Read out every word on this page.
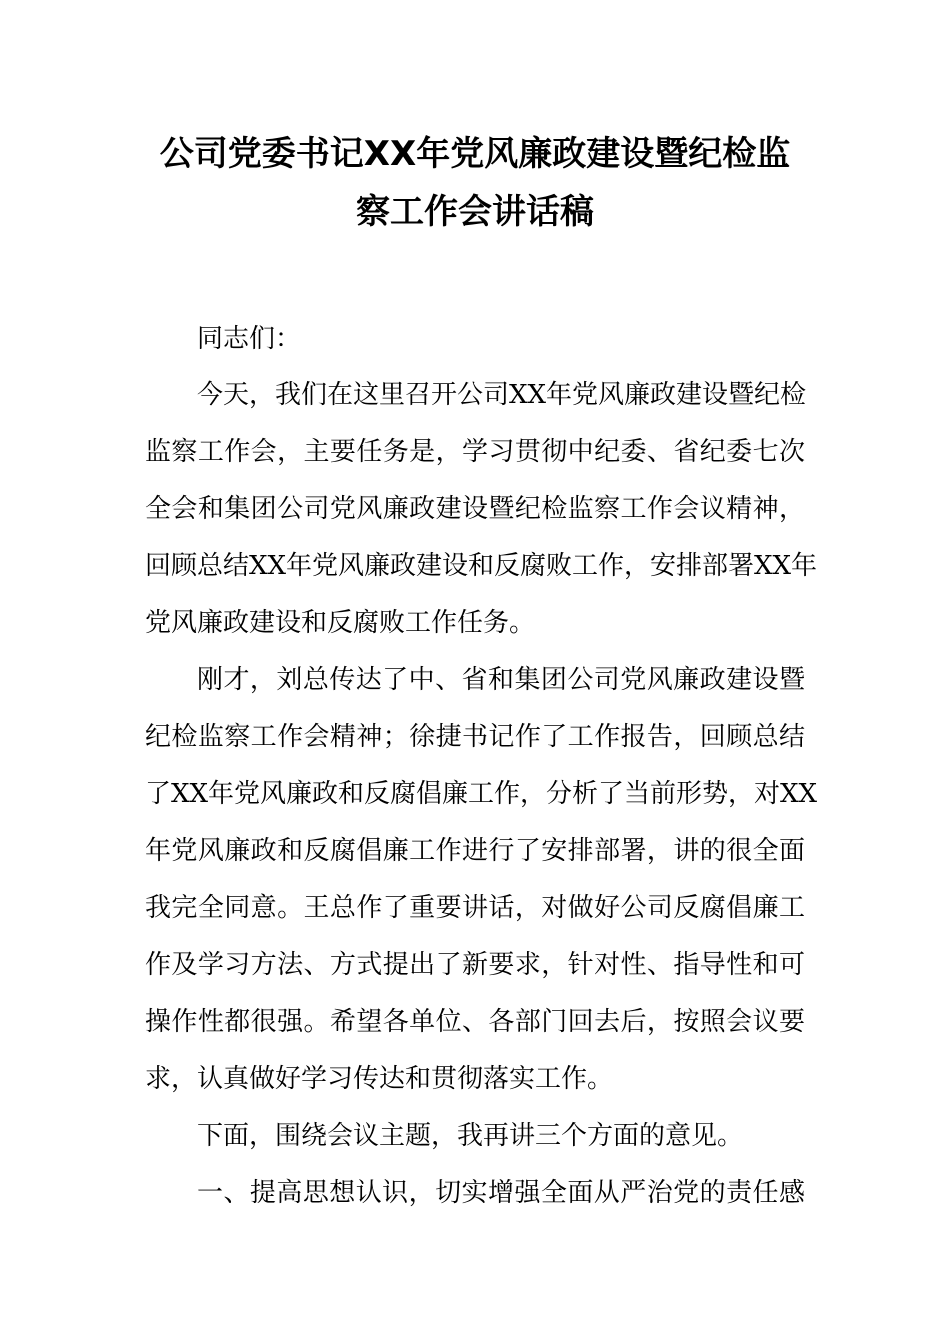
公司党委书记XX年党风廉政建设暨纪检监
察工作会讲话稿
同志们：
今天，我们在这里召开公司XX年党风廉政建设暨纪检
监察工作会，主要任务是，学习贯彻中纪委、省纪委七次
全会和集团公司党风廉政建设暨纪检监察工作会议精神，
回顾总结XX年党风廉政建设和反腐败工作，安排部署XX年
党风廉政建设和反腐败工作任务。
刚才，刘总传达了中、省和集团公司党风廉政建设暨
纪检监察工作会精神；徐捷书记作了工作报告，回顾总结
了XX年党风廉政和反腐倡廉工作，分析了当前形势，对XX
年党风廉政和反腐倡廉工作进行了安排部署，讲的很全面
我完全同意。王总作了重要讲话，对做好公司反腐倡廉工
作及学习方法、方式提出了新要求，针对性、指导性和可
操作性都很强。希望各单位、各部门回去后，按照会议要
求，认真做好学习传达和贯彻落实工作。
下面，围绕会议主题，我再讲三个方面的意见。
一、提高思想认识，切实增强全面从严治党的责任感
